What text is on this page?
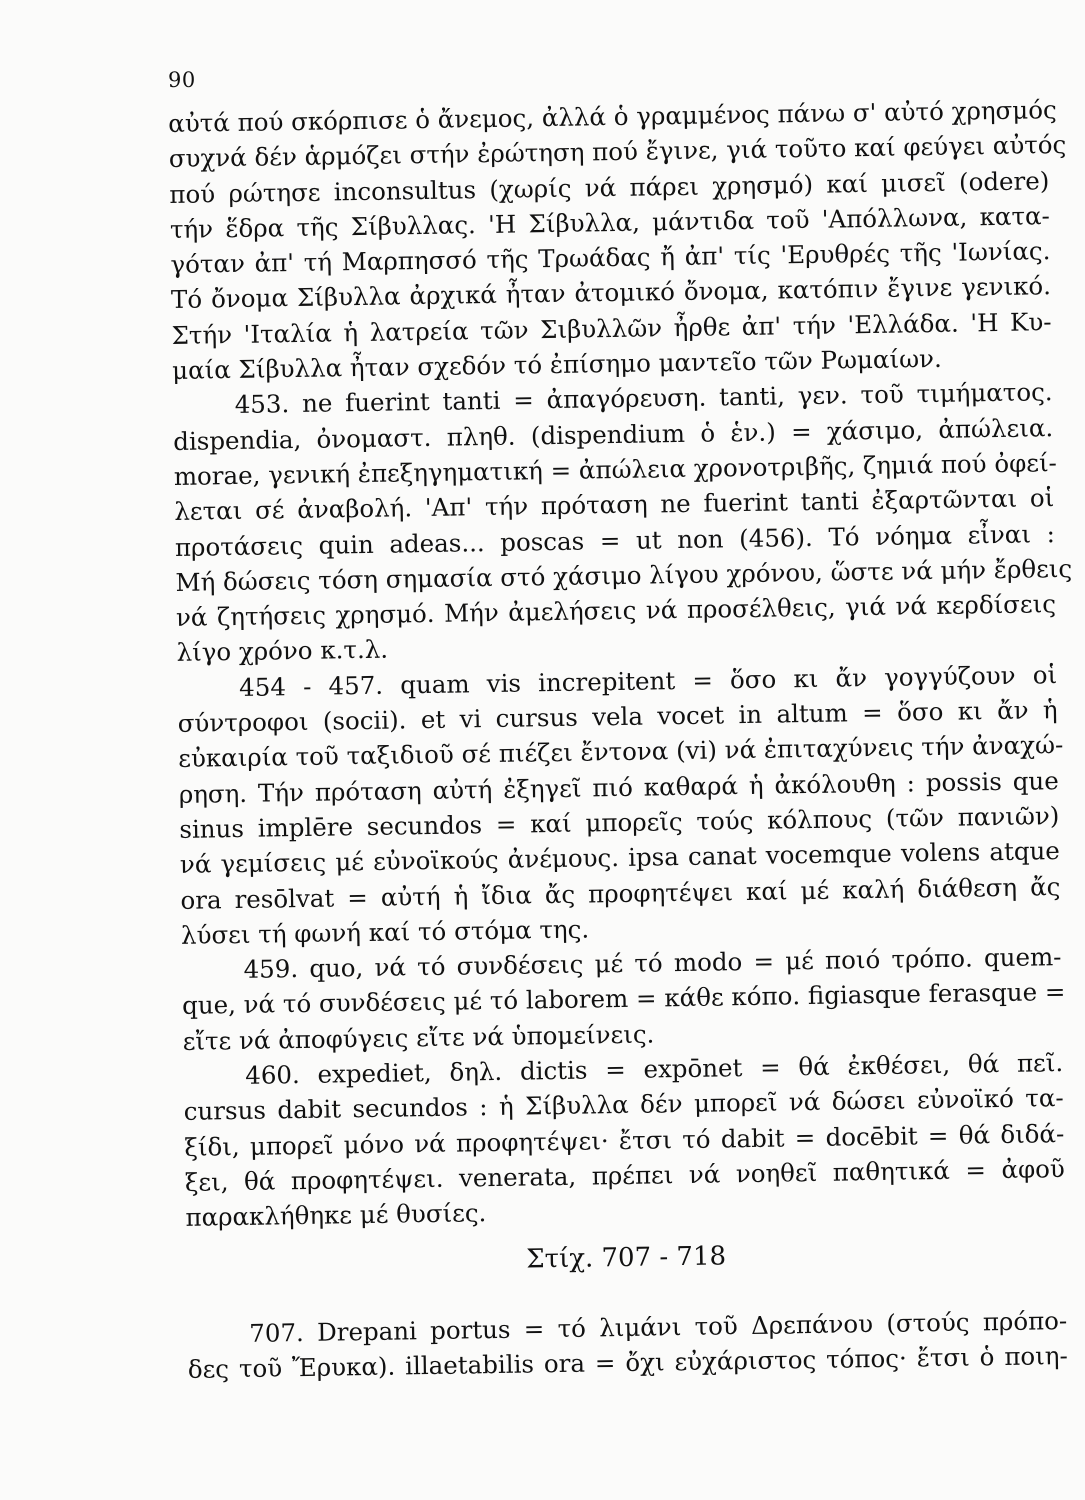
90
αὐτά πού σκόρπισε ὁ ἄνεμος, ἀλλά ὁ γραμμένος πάνω σ' αὐτό χρησμός
συχνά δέν ἁρμόζει στήν ἐρώτηση πού ἔγινε, γιά τοῦτο καί φεύγει αὐτός
πού ρώτησε inconsultus (χωρίς νά πάρει χρησμό) καί μισεῖ (odere)
τήν ἕδρα τῆς Σίβυλλας. 'Η Σίβυλλα, μάντιδα τοῦ 'Απόλλωνα, κατα-
γόταν ἀπ' τή Μαρπησσό τῆς Τρωάδας ἤ ἀπ' τίς 'Ερυθρές τῆς 'Ιωνίας.
Τό ὄνομα Σίβυλλα ἀρχικά ἦταν ἀτομικό ὄνομα, κατόπιν ἔγινε γενικό.
Στήν 'Ιταλία ἡ λατρεία τῶν Σιβυλλῶν ἦρθε ἀπ' τήν 'Ελλάδα. 'Η Κυ-
μαία Σίβυλλα ἦταν σχεδόν τό ἐπίσημο μαντεῖο τῶν Ρωμαίων.
453. ne fuerint tanti = ἀπαγόρευση. tanti, γεν. τοῦ τιμήματος.
dispendia, ὀνομαστ. πληθ. (dispendium ὁ ἑν.) = χάσιμο, ἀπώλεια.
morae, γενική ἐπεξηγηματική = ἀπώλεια χρονοτριβῆς, ζημιά πού ὀφεί-
λεται σέ ἀναβολή. 'Απ' τήν πρόταση ne fuerint tanti ἐξαρτῶνται οἱ
προτάσεις quin adeas... poscas = ut non (456). Τό νόημα εἶναι :
Μή δώσεις τόση σημασία στό χάσιμο λίγου χρόνου, ὥστε νά μήν ἔρθεις
νά ζητήσεις χρησμό. Μήν ἀμελήσεις νά προσέλθεις, γιά νά κερδίσεις
λίγο χρόνο κ.τ.λ.
454 - 457. quam vis increpitent = ὅσο κι ἄν γογγύζουν οἱ
σύντροφοι (socii). et vi cursus vela vocet in altum = ὅσο κι ἄν ἡ
εὐκαιρία τοῦ ταξιδιοῦ σέ πιέζει ἔντονα (vi) νά ἐπιταχύνεις τήν ἀναχώ-
ρηση. Τήν πρόταση αὐτή ἐξηγεῖ πιό καθαρά ἡ ἀκόλουθη : possis que
sinus implēre secundos = καί μπορεῖς τούς κόλπους (τῶν πανιῶν)
νά γεμίσεις μέ εὐνοϊκούς ἀνέμους. ipsa canat vocemque volens atque
ora resōlvat = αὐτή ἡ ἴδια ἄς προφητέψει καί μέ καλή διάθεση ἄς
λύσει τή φωνή καί τό στόμα της.
459. quo, νά τό συνδέσεις μέ τό modo = μέ ποιό τρόπο. quem-
que, νά τό συνδέσεις μέ τό laborem = κάθε κόπο. figiasque ferasque =
εἴτε νά ἀποφύγεις εἴτε νά ὑπομείνεις.
460. expediet, δηλ. dictis = expōnet = θά ἐκθέσει, θά πεῖ.
cursus dabit secundos : ἡ Σίβυλλα δέν μπορεῖ νά δώσει εὐνοϊκό τα-
ξίδι, μπορεῖ μόνο νά προφητέψει· ἔτσι τό dabit = docēbit = θά διδά-
ξει, θά προφητέψει. venerata, πρέπει νά νοηθεῖ παθητικά = ἀφοῦ
παρακλήθηκε μέ θυσίες.
Στίχ. 707 - 718
707. Drepani portus = τό λιμάνι τοῦ Δρεπάνου (στούς πρόπο-
δες τοῦ Ἔρυκα). illaetabilis ora = ὄχι εὐχάριστος τόπος· ἔτσι ὁ ποιη-
